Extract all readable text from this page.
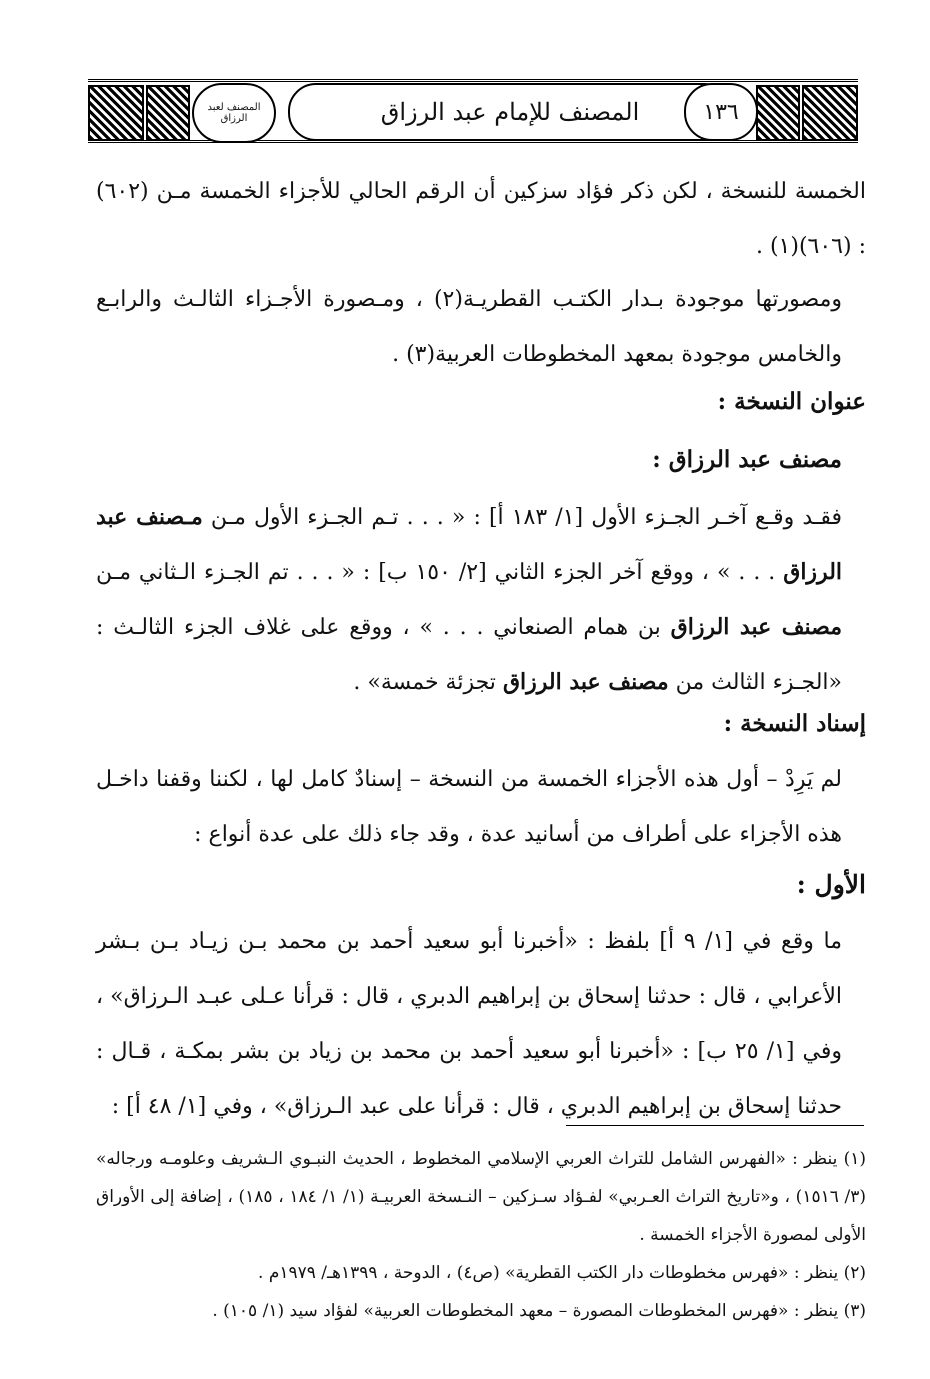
المصنف لعبد الرزاق	المصنف للإمام عبد الرزاق	١٣٦

الخمسة للنسخة ، لكن ذكر فؤاد سزكين أن الرقم الحالي للأجزاء الخمسة مـن (٦٠٢) : (٦٠٦)(١) .

ومصورتها موجودة بـدار الكتـب القطريـة(٢) ، ومـصورة الأجـزاء الثالـث والرابـع والخامس موجودة بمعهد المخطوطات العربية(٣) .

عنوان النسخة :
مصنف عبد الرزاق :

فقـد وقـع آخـر الجـزء الأول [١/ ١٨٣ أ] : « . . . تـم الجـزء الأول مـن مـصنف عبد الرزاق . . . » ، ووقع آخر الجزء الثاني [٢/ ١٥٠ ب] : « . . . تم الجـزء الـثاني مـن مصنف عبد الرزاق بن همام الصنعاني . . . » ، ووقع على غلاف الجزء الثالـث : «الجـزء الثالث من مصنف عبد الرزاق تجزئة خمسة» .

إسناد النسخة :

لم يَرِدْ – أول هذه الأجزاء الخمسة من النسخة – إسنادٌ كامل لها ، لكننا وقفنا داخـل هذه الأجزاء على أطراف من أسانيد عدة ، وقد جاء ذلك على عدة أنواع :

الأول :

ما وقع في [١/ ٩ أ] بلفظ : «أخبرنا أبو سعيد أحمد بن محمد بـن زيـاد بـن بـشر الأعرابي ، قال : حدثنا إسحاق بن إبراهيم الدبري ، قال : قرأنا عـلى عبـد الـرزاق» ، وفي [١/ ٢٥ ب] : «أخبرنا أبو سعيد أحمد بن محمد بن زياد بن بشر بمكـة ، قـال : حدثنا إسحاق بن إبراهيم الدبري ، قال : قرأنا على عبد الـرزاق» ، وفي [١/ ٤٨ أ] :

(١) ينظر : «الفهرس الشامل للتراث العربي الإسلامي المخطوط ، الحديث النبـوي الـشريف وعلومـه ورجاله» (٣/ ١٥١٦) ، و«تاريخ التراث العـربي» لفـؤاد سـزكين – النـسخة العربيـة (١/ ١/ ١٨٤ ، ١٨٥) ، إضافة إلى الأوراق الأولى لمصورة الأجزاء الخمسة .

(٢) ينظر : «فهرس مخطوطات دار الكتب القطرية» (ص٤) ، الدوحة ، ١٣٩٩هـ/ ١٩٧٩م .

(٣) ينظر : «فهرس المخطوطات المصورة – معهد المخطوطات العربية» لفؤاد سيد (١/ ١٠٥) .
